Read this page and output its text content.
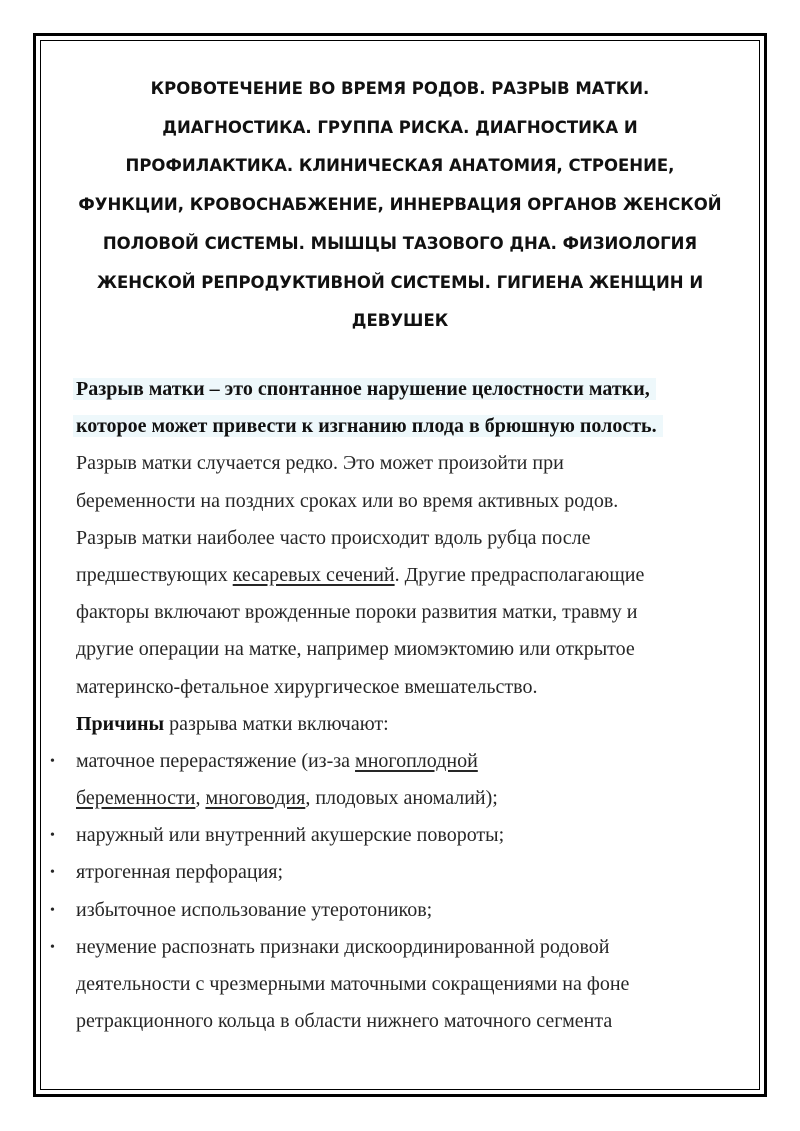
КРОВОТЕЧЕНИЕ ВО ВРЕМЯ РОДОВ. РАЗРЫВ МАТКИ.
ДИАГНОСТИКА. ГРУППА РИСКА. ДИАГНОСТИКА И
ПРОФИЛАКТИКА. КЛИНИЧЕСКАЯ АНАТОМИЯ, СТРОЕНИЕ,
ФУНКЦИИ, КРОВОСНАБЖЕНИЕ, ИННЕРВАЦИЯ ОРГАНОВ ЖЕНСКОЙ
ПОЛОВОЙ СИСТЕМЫ. МЫШЦЫ ТАЗОВОГО ДНА. ФИЗИОЛОГИЯ
ЖЕНСКОЙ РЕПРОДУКТИВНОЙ СИСТЕМЫ. ГИГИЕНА ЖЕНЩИН И
ДЕВУШЕК
Разрыв матки – это спонтанное нарушение целостности матки,
которое может привести к изгнанию плода в брюшную полость.
Разрыв матки случается редко. Это может произойти при
беременности на поздних сроках или во время активных родов.
Разрыв матки наиболее часто происходит вдоль рубца после
предшествующих кесаревых сечений. Другие предрасполагающие
факторы включают врожденные пороки развития матки, травму и
другие операции на матке, например миомэктомию или открытое
материнско-фетальное хирургическое вмешательство.
Причины разрыва матки включают:
• маточное перерастяжение (из-за многоплодной
беременности, многоводия, плодовых аномалий);
• наружный или внутренний акушерские повороты;
• ятрогенная перфорация;
• избыточное использование утеротоников;
• неумение распознать признаки дискоординированной родовой
деятельности с чрезмерными маточными сокращениями на фоне
ретракционного кольца в области нижнего маточного сегмента
